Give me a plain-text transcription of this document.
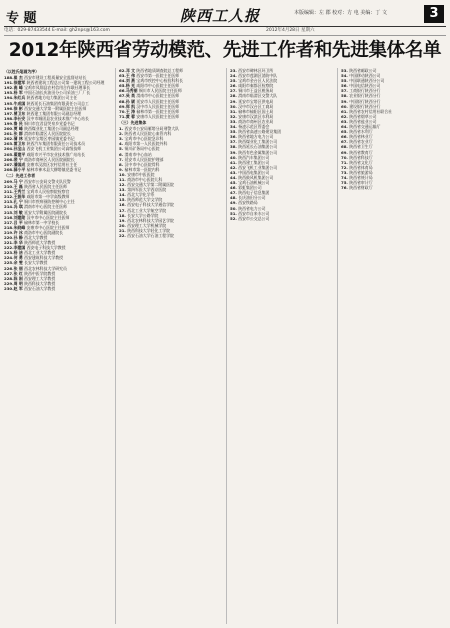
专 题	陕西工人报	本版编辑：左 郡 校对：方 电 美编：丁 文	3
电话：029-87433544 E-mail: gh2nps@163.com	2012年4月28日 星期六
2012年陕西省劳动模范、先进工作者和先进集体名单
（以姓氏笔画为序）
188.崔 杰 西安市建设工程质量安全监督站站长
191.徐建军 陕西省建筑工程总公司第一建筑工程公司经理
192.高 峰 宝鸡市凤翔县农村信用合作联社理事长
193.杨 军 中国石油长庆油田分公司采油三厂厂长
194.朱红兵 陕西省地方电力集团公司主任
195.牛成国 陕西延长石油集团有限责任公司总工
196.徐 彬 西安交通大学第一附属医院主任医师
197.曾卫东 陕西建工集团有限公司副总经理
198.李长安 汉中市城固县农业技术推广中心站长
199.鲁 民 铜川市宜君县哭泉乡党委书记
200.贾 峰 陕西煤业化工集团公司副总经理
201.张 群 渭南市临渭区人民医院院长
202.蒲 林 延安市宝塔区枣园镇党委书记
203.雷卫东 陕西汽车集团有限责任公司技术员
204.孙宝山 西安飞机工业集团公司高级技师
205.翟建平 咸阳市兴平市农业技术推广站站长
206.裴 宁 商洛市商州区人民医院副院长
207.潘国成 安康市汉滨区农村信用社主任
208.薛小平 榆林市神木县大柳塔镇党委书记
（二）先进工作者
209.马 宁 西安市公安局交警支队民警
210.王 磊 陕西省人民医院主任医师
211.王秀兰 宝鸡市人民检察院检察官
212.王振华 咸阳市第一中学高级教师
213.孔 宁 铜川市疾病预防控制中心主任
214.冯 琪 渭南市中心医院主任医师
215.刘 敏 延安大学附属医院副院长
216.刘建勋 汉中市中心医院主任医师
217.吕 平 榆林市第一中学校长
218.朱晓峰 安康市中心医院主任医师
219.许 冰 商洛市中心医院副院长
220.孙 静 西北大学教授
221.李 华 陕西师范大学教授
222.李建国 西安电子科技大学教授
223.杨 洁 西北工业大学教授
224.何 勇 西安建筑科技大学教授
225.余 雯 长安大学教授
226.张 丽 西北农林科技大学研究员
227.张 红 陕西中医学院教授
228.陈 刚 西安理工大学教授
229.周 明 陕西科技大学教授
230.赵 军 西安石油大学教授
62.邓 文 陕西省地质调查院总工程师
63.王 伟 西安市第一医院主任医师
64.刘 燕 宝鸡市疾控中心检验科科长
65.杨 光 咸阳市中心医院主任医师
66.马秀丽 铜川市人民医院主任医师
67.吴 昊 渭南市中心医院主任医师
68.孙 颖 延安市人民医院主任医师
69.郑 凯 汉中市人民医院主任医师
70.王 涛 榆林市第一医院主任医师
71.黄 蓉 安康市人民医院主任医师
（三）先进集体
1. 西安市公安局雁塔分局刑警大队
2. 陕西省人民医院心血管内科
3. 宝鸡市中心医院急诊科
4. 咸阳市第一人民医院外科
5. 铜川矿务局中心医院
6. 渭南市中心血站
7. 延安市人民医院护理部
8. 汉中市中心医院骨科
9. 榆林市第一医院内科
10. 安康市中医医院
11. 商洛市中心医院儿科
12. 西安交通大学第二附属医院
13. 第四军医大学西京医院
14. 西北大学化学系
15. 陕西师范大学文学院
16. 西安电子科技大学通信学院
17. 西北工业大学航空学院
18. 长安大学公路学院
19. 西北农林科技大学园艺学院
20. 西安理工大学机械学院
21. 陕西科技大学轻化工学院
22. 西安石油大学石油工程学院
23. 西安市碑林区环卫所
24. 西安市莲湖区消防中队
25. 宝鸡市金台区人民法院
26. 咸阳市秦都区检察院
27. 铜川市王益区税务局
28. 渭南市临渭区交警大队
29. 延安市宝塔区供电局
30. 汉中市汉台区工商局
31. 榆林市榆阳区国土局
32. 安康市汉滨区水利局
33. 商洛市商州区农业局
34. 杨凌示范区管委会
35. 陕西省高速公路建设集团
36. 陕西省地方电力公司
37. 陕西煤业化工集团公司
38. 陕西延长石油集团公司
39. 陕西有色金属集团公司
40. 陕西汽车集团公司
41. 陕西建工集团公司
42. 西安飞机工业集团公司
43. 中国西电集团公司
44. 陕西鼓风机集团公司
45. 宝鸡石油机械公司
46. 彩虹集团公司
47. 陕西电子信息集团
48. 长庆油田分公司
49. 西安铁路局
50. 陕西省电力公司
51. 西安市自来水公司
52. 西安市公交总公司
53. 陕西省邮政公司
54. 中国移动陕西公司
55. 中国联通陕西分公司
56. 中国电信陕西公司
57. 工商银行陕西分行
58. 农业银行陕西分行
59. 中国银行陕西分行
60. 建设银行陕西分行
61. 陕西省农村信用社联合社
62. 陕西省烟草公司
63. 陕西省盐业公司
64. 陕西省交通运输厅
65. 陕西省水利厅
66. 陕西省林业厅
67. 陕西省农业厅
68. 陕西省卫生厅
69. 陕西省教育厅
70. 陕西省科技厅
71. 陕西省文化厅
72. 陕西省体育局
73. 陕西省旅游局
74. 陕西省统计局
75. 陕西省审计厅
76. 陕西省财政厅
